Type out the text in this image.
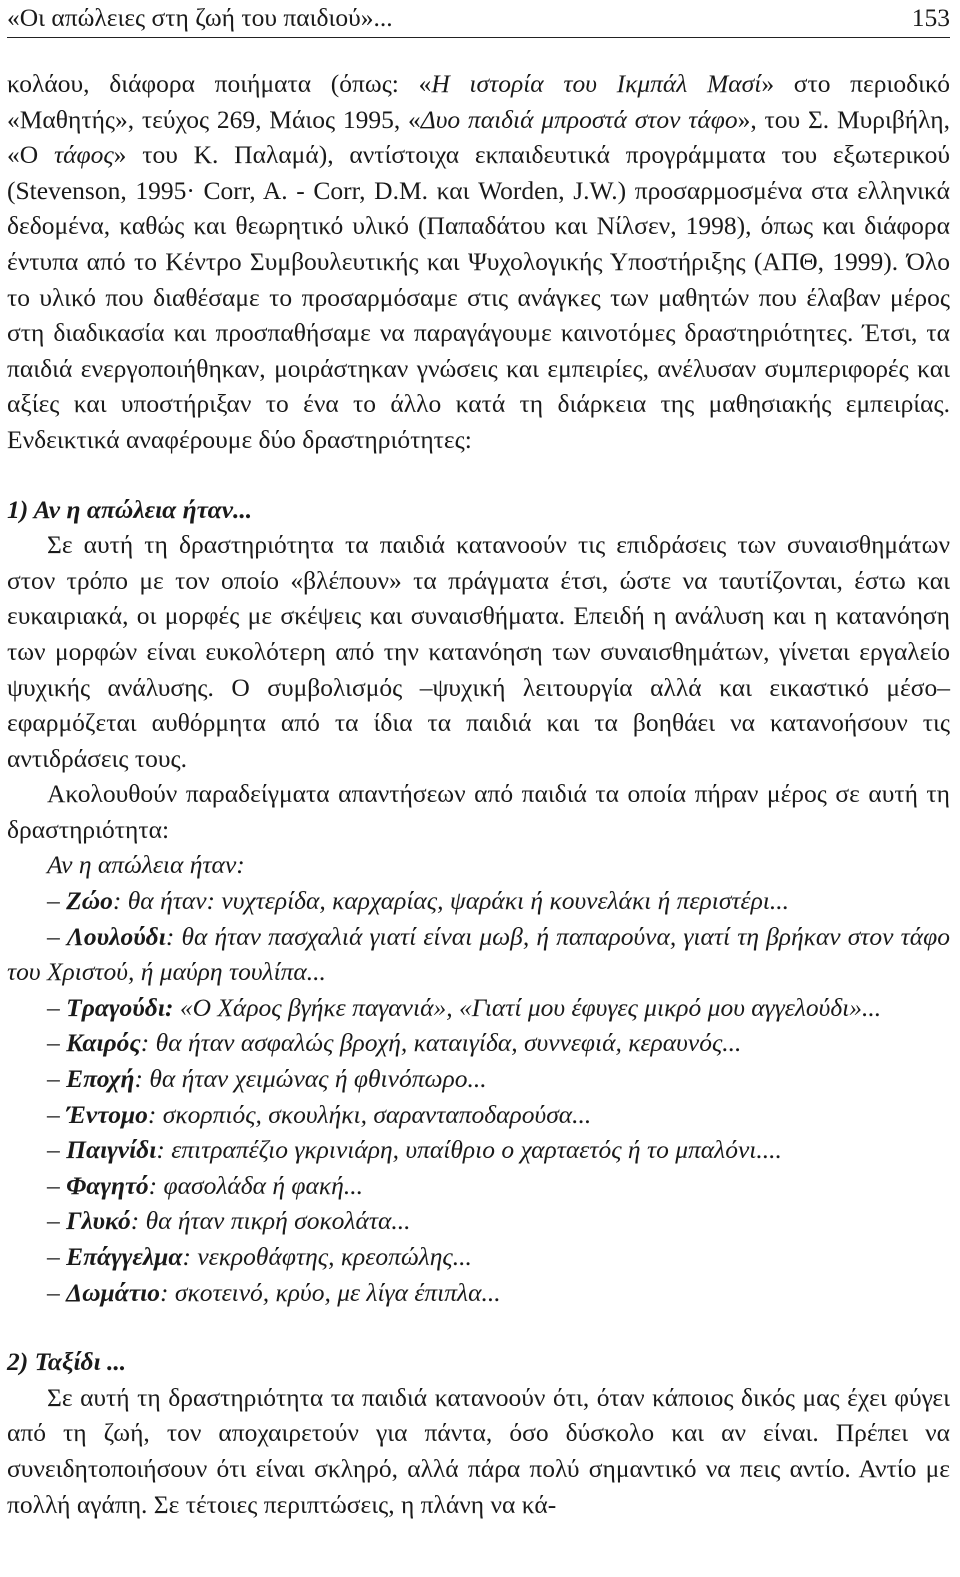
«Οι απώλειες στη ζωή του παιδιού»...	153

κολάου, διάφορα ποιήματα (όπως: «Η ιστορία του Ικμπάλ Μασί» στο περιοδικό «Μαθητής», τεύχος 269, Μάιος 1995, «Δυο παιδιά μπροστά στον τάφο», του Σ. Μυριβήλη, «Ο τάφος» του Κ. Παλαμά), αντίστοιχα εκπαιδευτικά προγράμματα του εξωτερικού (Stevenson, 1995· Corr, A. - Corr, D.M. και Worden, J.W.) προσαρμοσμένα στα ελληνικά δεδομένα, καθώς και θεωρητικό υλικό (Παπαδάτου και Νίλσεν, 1998), όπως και διάφορα έντυπα από το Κέντρο Συμβουλευτικής και Ψυχολογικής Υποστήριξης (ΑΠΘ, 1999). Όλο το υλικό που διαθέσαμε το προσαρμόσαμε στις ανάγκες των μαθητών που έλαβαν μέρος στη διαδικασία και προσπαθήσαμε να παραγάγουμε καινοτόμες δραστηριότητες. Έτσι, τα παιδιά ενεργοποιήθηκαν, μοιράστηκαν γνώσεις και εμπειρίες, ανέλυσαν συμπεριφορές και αξίες και υποστήριξαν το ένα το άλλο κατά τη διάρκεια της μαθησιακής εμπειρίας. Ενδεικτικά αναφέρουμε δύο δραστηριότητες:

1) Αν η απώλεια ήταν...

Σε αυτή τη δραστηριότητα τα παιδιά κατανοούν τις επιδράσεις των συναισθημάτων στον τρόπο με τον οποίο «βλέπουν» τα πράγματα έτσι, ώστε να ταυτίζονται, έστω και ευκαιριακά, οι μορφές με σκέψεις και συναισθήματα. Επειδή η ανάλυση και η κατανόηση των μορφών είναι ευκολότερη από την κατανόηση των συναισθημάτων, γίνεται εργαλείο ψυχικής ανάλυσης. Ο συμβολισμός –ψυχική λειτουργία αλλά και εικαστικό μέσο– εφαρμόζεται αυθόρμητα από τα ίδια τα παιδιά και τα βοηθάει να κατανοήσουν τις αντιδράσεις τους.

Ακολουθούν παραδείγματα απαντήσεων από παιδιά τα οποία πήραν μέρος σε αυτή τη δραστηριότητα:

Αν η απώλεια ήταν:

– Ζώο: θα ήταν: νυχτερίδα, καρχαρίας, ψαράκι ή κουνελάκι ή περιστέρι...

– Λουλούδι: θα ήταν πασχαλιά γιατί είναι μωβ, ή παπαρούνα, γιατί τη βρήκαν στον τάφο του Χριστού, ή μαύρη τουλίπα...

– Τραγούδι: «Ο Χάρος βγήκε παγανιά», «Γιατί μου έφυγες μικρό μου αγγελούδι»...

– Καιρός: θα ήταν ασφαλώς βροχή, καταιγίδα, συννεφιά, κεραυνός...

– Εποχή: θα ήταν χειμώνας ή φθινόπωρο...

– Έντομο: σκορπιός, σκουλήκι, σαρανταποδαρούσα...

– Παιγνίδι: επιτραπέζιο γκρινιάρη, υπαίθριο ο χαρταετός ή το μπαλόνι....

– Φαγητό: φασολάδα ή φακή...

– Γλυκό: θα ήταν πικρή σοκολάτα...

– Επάγγελμα: νεκροθάφτης, κρεοπώλης...

– Δωμάτιο: σκοτεινό, κρύο, με λίγα έπιπλα...

2) Ταξίδι ...

Σε αυτή τη δραστηριότητα τα παιδιά κατανοούν ότι, όταν κάποιος δικός μας έχει φύγει από τη ζωή, τον αποχαιρετούν για πάντα, όσο δύσκολο και αν είναι. Πρέπει να συνειδητοποιήσουν ότι είναι σκληρό, αλλά πάρα πολύ σημαντικό να πεις αντίο. Αντίο με πολλή αγάπη. Σε τέτοιες περιπτώσεις, η πλάνη να κά-
